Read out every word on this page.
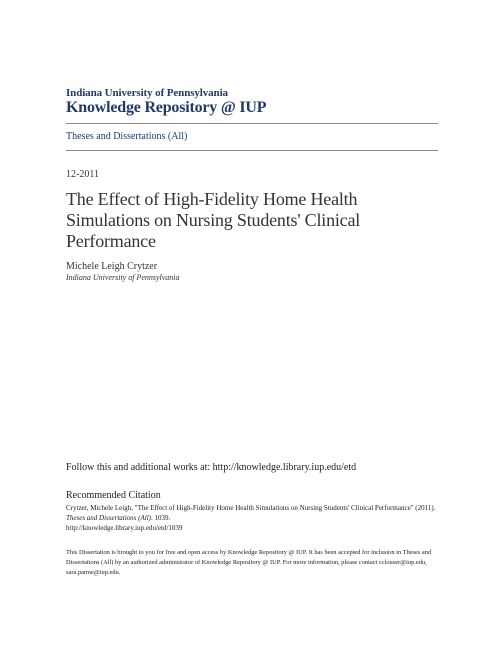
Indiana University of Pennsylvania
Knowledge Repository @ IUP
Theses and Dissertations (All)
12-2011
The Effect of High-Fidelity Home Health Simulations on Nursing Students' Clinical Performance
Michele Leigh Crytzer
Indiana University of Pennsylvania
Follow this and additional works at: http://knowledge.library.iup.edu/etd
Recommended Citation
Crytzer, Michele Leigh, "The Effect of High-Fidelity Home Health Simulations on Nursing Students' Clinical Performance" (2011).
Theses and Dissertations (All). 1039.
http://knowledge.library.iup.edu/etd/1039
This Dissertation is brought to you for free and open access by Knowledge Repository @ IUP. It has been accepted for inclusion in Theses and Dissertations (All) by an authorized administrator of Knowledge Repository @ IUP. For more information, please contact cclouser@iup.edu, sara.parme@iup.edu.
